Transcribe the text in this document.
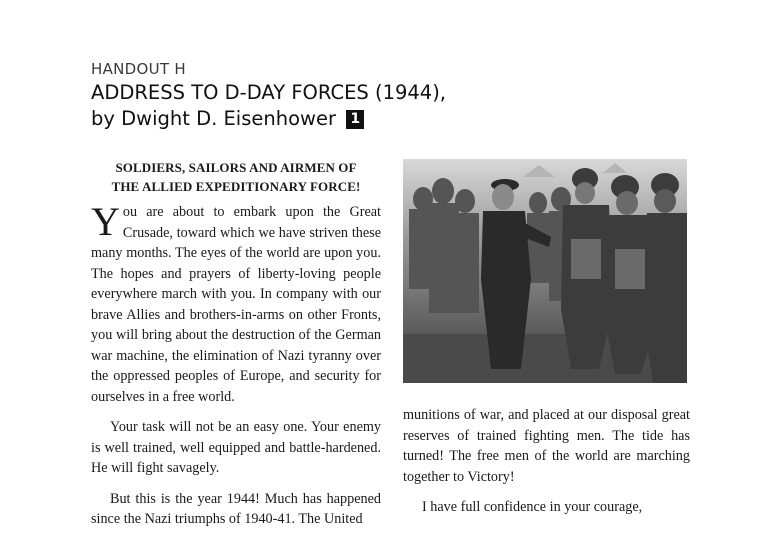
HANDOUT H
ADDRESS TO D-DAY FORCES (1944),
by Dwight D. Eisenhower 1
SOLDIERS, SAILORS AND AIRMEN OF
THE ALLIED EXPEDITIONARY FORCE!

You are about to embark upon the Great Crusade, toward which we have striven these many months. The eyes of the world are upon you. The hopes and prayers of liberty-loving people everywhere march with you. In company with our brave Allies and brothers-in-arms on other Fronts, you will bring about the destruction of the German war machine, the elimination of Nazi tyranny over the oppressed peoples of Europe, and security for ourselves in a free world.

Your task will not be an easy one. Your enemy is well trained, well equipped and battle-hardened. He will fight savagely.

But this is the year 1944! Much has happened since the Nazi triumphs of 1940-41. The United

munitions of war, and placed at our disposal great reserves of trained fighting men. The tide has turned! The free men of the world are marching together to Victory!

I have full confidence in your courage,
